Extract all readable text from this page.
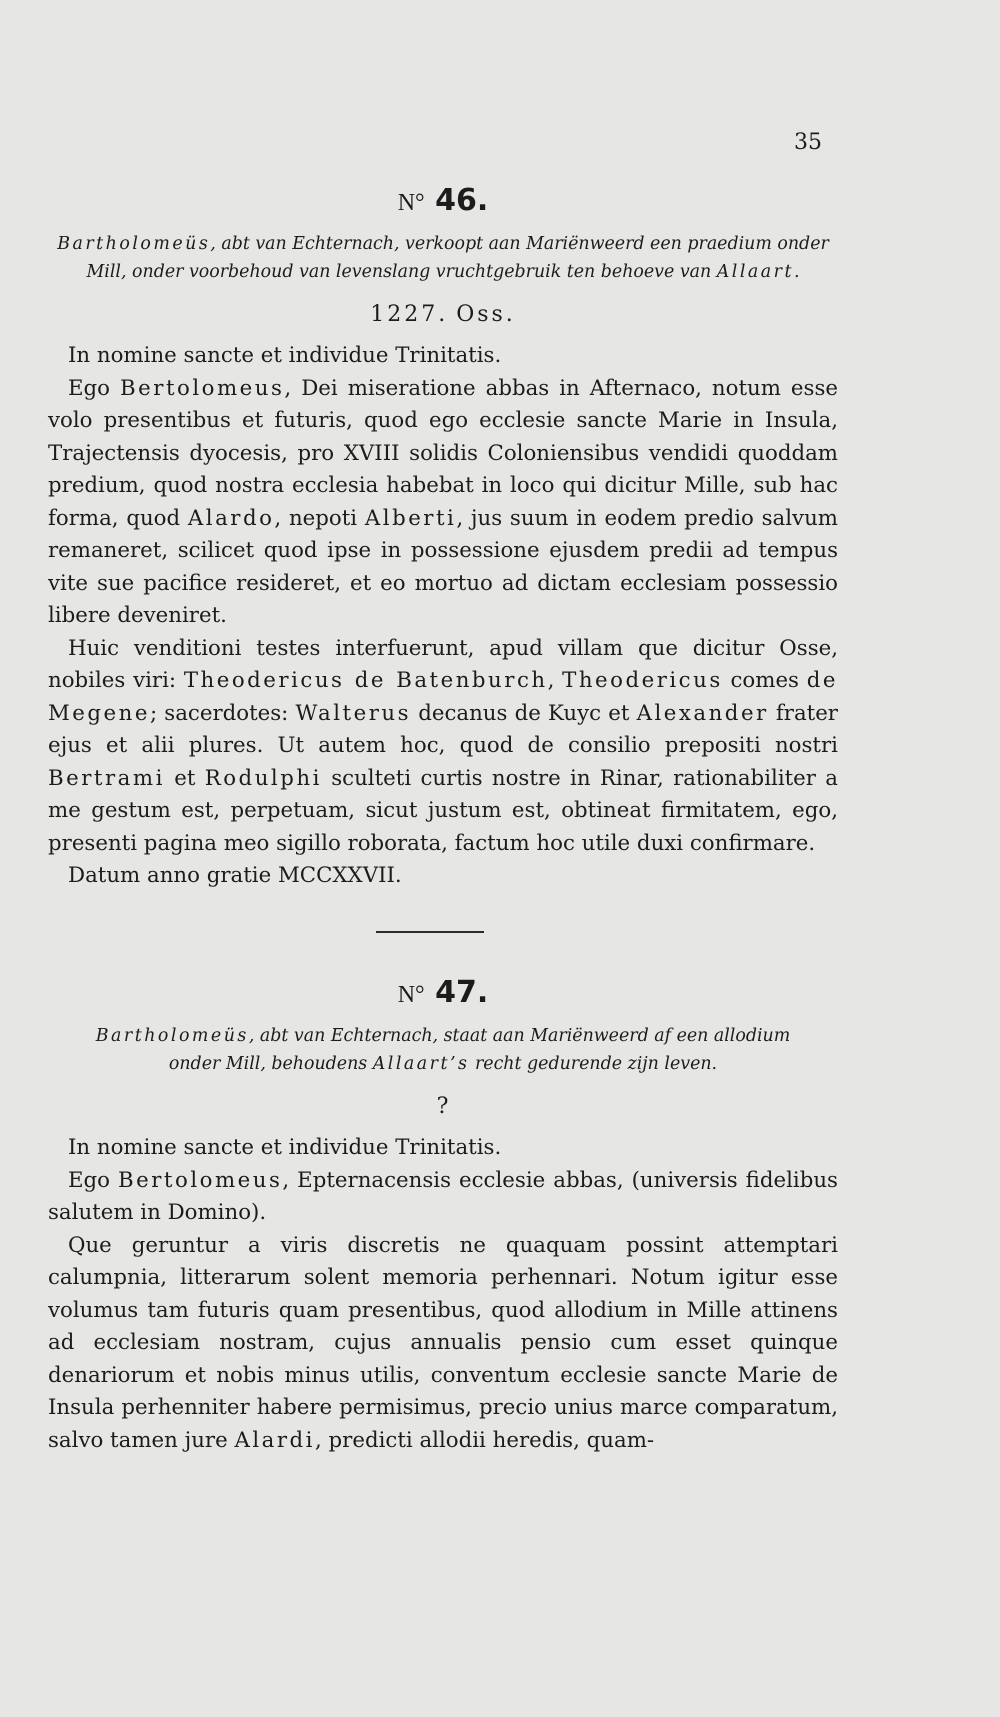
35
N° 46.

Bartholomeüs, abt van Echternach, verkoopt aan Mariënweerd een praedium onder
Mill, onder voorbehoud van levenslang vruchtgebruik ten behoeve van Allaart.

1227. Oss.

In nomine sancte et individue Trinitatis.

Ego Bertolomeus, Dei miseratione abbas in Afternaco, notum esse volo presentibus et futuris, quod ego ecclesie sancte Marie in Insula, Trajectensis dyocesis, pro XVIII solidis Coloniensibus vendidi quoddam predium, quod nostra ecclesia habebat in loco qui dicitur Mille, sub hac forma, quod Alardo, nepoti Alberti, jus suum in eodem predio salvum remaneret, scilicet quod ipse in possessione ejusdem predii ad tempus vite sue pacifice resideret, et eo mortuo ad dictam ecclesiam possessio libere deveniret.

Huic venditioni testes interfuerunt, apud villam que dicitur Osse, nobiles viri: Theodericus de Batenburch, Theodericus comes de Megene; sacerdotes: Walterus decanus de Kuyc et Alexander frater ejus et alii plures. Ut autem hoc, quod de consilio prepositi nostri Bertrami et Rodulphi sculteti curtis nostre in Rinar, rationabiliter a me gestum est, perpetuam, sicut justum est, obtineat firmitatem, ego, presenti pagina meo sigillo roborata, factum hoc utile duxi confirmare.

Datum anno gratie MCCXXVII.

N° 47.

Bartholomeüs, abt van Echternach, staat aan Mariënweerd af een allodium
onder Mill, behoudens Allaart’s recht gedurende zijn leven.

?

In nomine sancte et individue Trinitatis.

Ego Bertolomeus, Epternacensis ecclesie abbas, (universis fidelibus salutem in Domino).

Que geruntur a viris discretis ne quaquam possint attemptari calumpnia, litterarum solent memoria perhennari. Notum igitur esse volumus tam futuris quam presentibus, quod allodium in Mille attinens ad ecclesiam nostram, cujus annualis pensio cum esset quinque denariorum et nobis minus utilis, conventum ecclesie sancte Marie de Insula perhenniter habere permisimus, precio unius marce comparatum, salvo tamen jure Alardi, predicti allodii heredis, quam-
